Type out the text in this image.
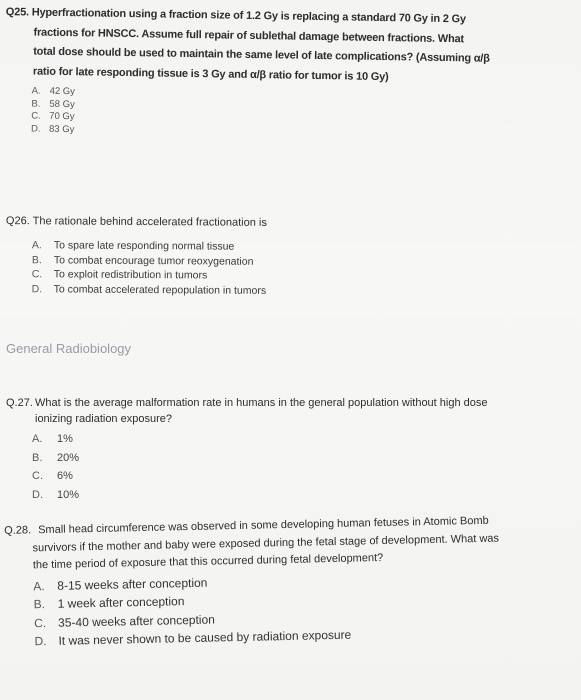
Q25. Hyperfractionation using a fraction size of 1.2 Gy is replacing a standard 70 Gy in 2 Gy
fractions for HNSCC. Assume full repair of sublethal damage between fractions. What
total dose should be used to maintain the same level of late complications? (Assuming α/β
ratio for late responding tissue is 3 Gy and α/β ratio for tumor is 10 Gy)
A. 42 Gy
B. 58 Gy
C. 70 Gy
D. 83 Gy
Q26. The rationale behind accelerated fractionation is
A. To spare late responding normal tissue
B. To combat encourage tumor reoxygenation
C. To exploit redistribution in tumors
D. To combat accelerated repopulation in tumors
General Radiobiology
Q.27. What is the average malformation rate in humans in the general population without high dose
ionizing radiation exposure?
A. 1%
B. 20%
C. 6%
D. 10%
Q.28. Small head circumference was observed in some developing human fetuses in Atomic Bomb
survivors if the mother and baby were exposed during the fetal stage of development. What was
the time period of exposure that this occurred during fetal development?
A. 8-15 weeks after conception
B. 1 week after conception
C. 35-40 weeks after conception
D. It was never shown to be caused by radiation exposure
